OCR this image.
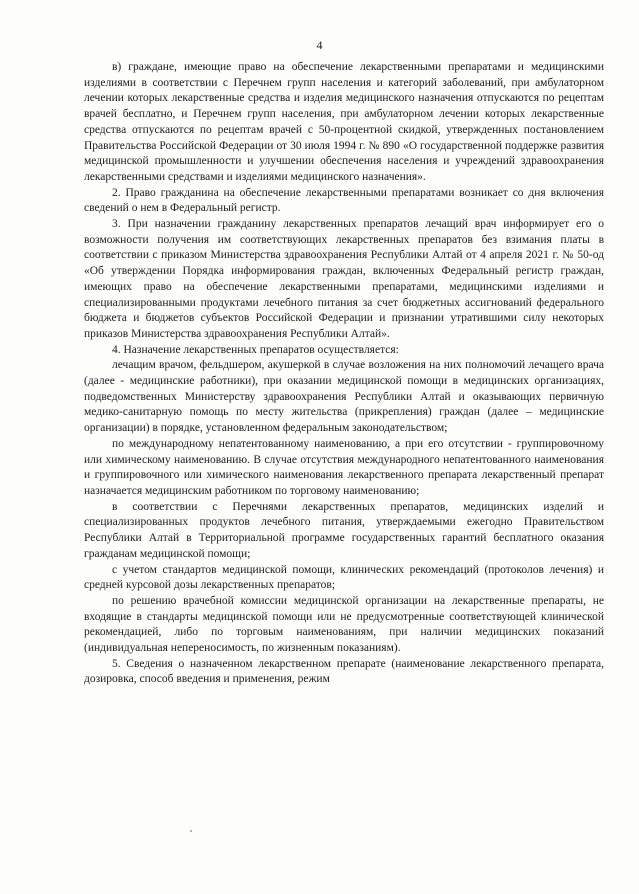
4

в) граждане, имеющие право на обеспечение лекарственными препаратами и медицинскими изделиями в соответствии с Перечнем групп населения и категорий заболеваний, при амбулаторном лечении которых лекарственные средства и изделия медицинского назначения отпускаются по рецептам врачей бесплатно, и Перечнем групп населения, при амбулаторном лечении которых лекарственные средства отпускаются по рецептам врачей с 50-процентной скидкой, утвержденных постановлением Правительства Российской Федерации от 30 июля 1994 г. № 890 «О государственной поддержке развития медицинской промышленности и улучшении обеспечения населения и учреждений здравоохранения лекарственными средствами и изделиями медицинского назначения».

2. Право гражданина на обеспечение лекарственными препаратами возникает со дня включения сведений о нем в Федеральный регистр.

3. При назначении гражданину лекарственных препаратов лечащий врач информирует его о возможности получения им соответствующих лекарственных препаратов без взимания платы в соответствии с приказом Министерства здравоохранения Республики Алтай от 4 апреля 2021 г. № 50-од «Об утверждении Порядка информирования граждан, включенных Федеральный регистр граждан, имеющих право на обеспечение лекарственными препаратами, медицинскими изделиями и специализированными продуктами лечебного питания за счет бюджетных ассигнований федерального бюджета и бюджетов субъектов Российской Федерации и признании утратившими силу некоторых приказов Министерства здравоохранения Республики Алтай».

4. Назначение лекарственных препаратов осуществляется:

лечащим врачом, фельдшером, акушеркой в случае возложения на них полномочий лечащего врача (далее - медицинские работники), при оказании медицинской помощи в медицинских организациях, подведомственных Министерству здравоохранения Республики Алтай и оказывающих первичную медико-санитарную помощь по месту жительства (прикрепления) граждан (далее – медицинские организации) в порядке, установленном федеральным законодательством;

по международному непатентованному наименованию, а при его отсутствии - группировочному или химическому наименованию. В случае отсутствия международного непатентованного наименования и группировочного или химического наименования лекарственного препарата лекарственный препарат назначается медицинским работником по торговому наименованию;

в соответствии с Перечнями лекарственных препаратов, медицинских изделий и специализированных продуктов лечебного питания, утверждаемыми ежегодно Правительством Республики Алтай в Территориальной программе государственных гарантий бесплатного оказания гражданам медицинской помощи;

с учетом стандартов медицинской помощи, клинических рекомендаций (протоколов лечения) и средней курсовой дозы лекарственных препаратов;

по решению врачебной комиссии медицинской организации на лекарственные препараты, не входящие в стандарты медицинской помощи или не предусмотренные соответствующей клинической рекомендацией, либо по торговым наименованиям, при наличии медицинских показаний (индивидуальная непереносимость, по жизненным показаниям).

5. Сведения о назначенном лекарственном препарате (наименование лекарственного препарата, дозировка, способ введения и применения, режим
